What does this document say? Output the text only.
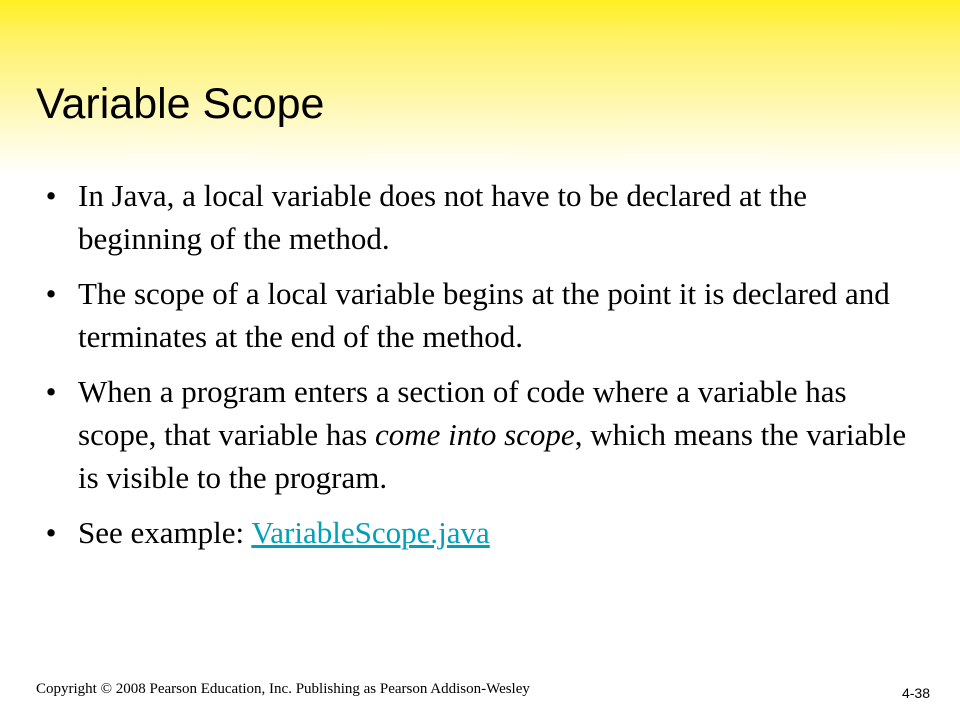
Variable Scope
• In Java, a local variable does not have to be declared at the beginning of the method.
• The scope of a local variable begins at the point it is declared and terminates at the end of the method.
• When a program enters a section of code where a variable has scope, that variable has come into scope, which means the variable is visible to the program.
• See example: VariableScope.java
Copyright © 2008 Pearson Education, Inc. Publishing as Pearson Addison-Wesley	4-38
